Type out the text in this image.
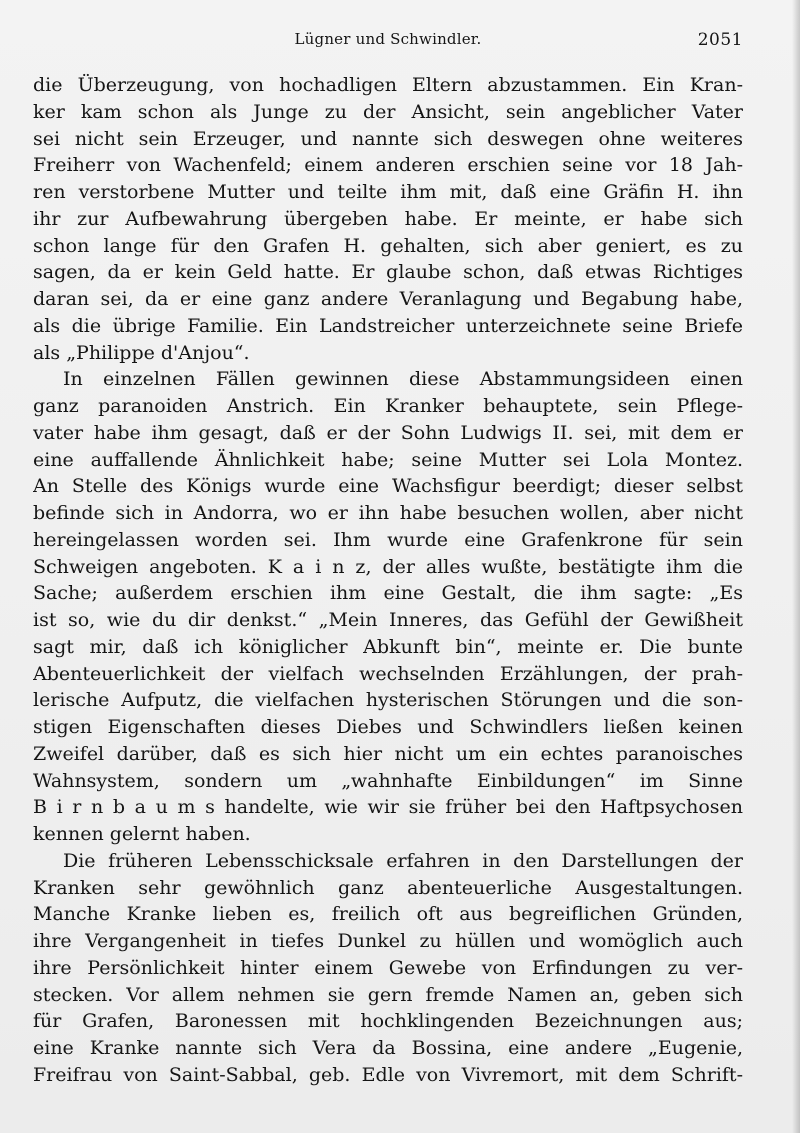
Lügner und Schwindler.	2051
die Überzeugung, von hochadligen Eltern abzustammen. Ein Kran-
ker kam schon als Junge zu der Ansicht, sein angeblicher Vater
sei nicht sein Erzeuger, und nannte sich deswegen ohne weiteres
Freiherr von Wachenfeld; einem anderen erschien seine vor 18 Jah-
ren verstorbene Mutter und teilte ihm mit, daß eine Gräfin H. ihn
ihr zur Aufbewahrung übergeben habe. Er meinte, er habe sich
schon lange für den Grafen H. gehalten, sich aber geniert, es zu
sagen, da er kein Geld hatte. Er glaube schon, daß etwas Richtiges
daran sei, da er eine ganz andere Veranlagung und Begabung habe,
als die übrige Familie. Ein Landstreicher unterzeichnete seine Briefe
als „Philippe d'Anjou“.
In einzelnen Fällen gewinnen diese Abstammungsideen einen
ganz paranoiden Anstrich. Ein Kranker behauptete, sein Pflege-
vater habe ihm gesagt, daß er der Sohn Ludwigs II. sei, mit dem er
eine auffallende Ähnlichkeit habe; seine Mutter sei Lola Montez.
An Stelle des Königs wurde eine Wachsfigur beerdigt; dieser selbst
befinde sich in Andorra, wo er ihn habe besuchen wollen, aber nicht
hereingelassen worden sei. Ihm wurde eine Grafenkrone für sein
Schweigen angeboten. K a i n z, der alles wußte, bestätigte ihm die
Sache; außerdem erschien ihm eine Gestalt, die ihm sagte: „Es
ist so, wie du dir denkst.“ „Mein Inneres, das Gefühl der Gewißheit
sagt mir, daß ich königlicher Abkunft bin“, meinte er. Die bunte
Abenteuerlichkeit der vielfach wechselnden Erzählungen, der prah-
lerische Aufputz, die vielfachen hysterischen Störungen und die son-
stigen Eigenschaften dieses Diebes und Schwindlers ließen keinen
Zweifel darüber, daß es sich hier nicht um ein echtes paranoisches
Wahnsystem, sondern um „wahnhafte Einbildungen“ im Sinne
B i r n b a u m s handelte, wie wir sie früher bei den Haftpsychosen
kennen gelernt haben.
Die früheren Lebensschicksale erfahren in den Darstellungen der
Kranken sehr gewöhnlich ganz abenteuerliche Ausgestaltungen.
Manche Kranke lieben es, freilich oft aus begreiflichen Gründen,
ihre Vergangenheit in tiefes Dunkel zu hüllen und womöglich auch
ihre Persönlichkeit hinter einem Gewebe von Erfindungen zu ver-
stecken. Vor allem nehmen sie gern fremde Namen an, geben sich
für Grafen, Baronessen mit hochklingenden Bezeichnungen aus;
eine Kranke nannte sich Vera da Bossina, eine andere „Eugenie,
Freifrau von Saint-Sabbal, geb. Edle von Vivremort, mit dem Schrift-
